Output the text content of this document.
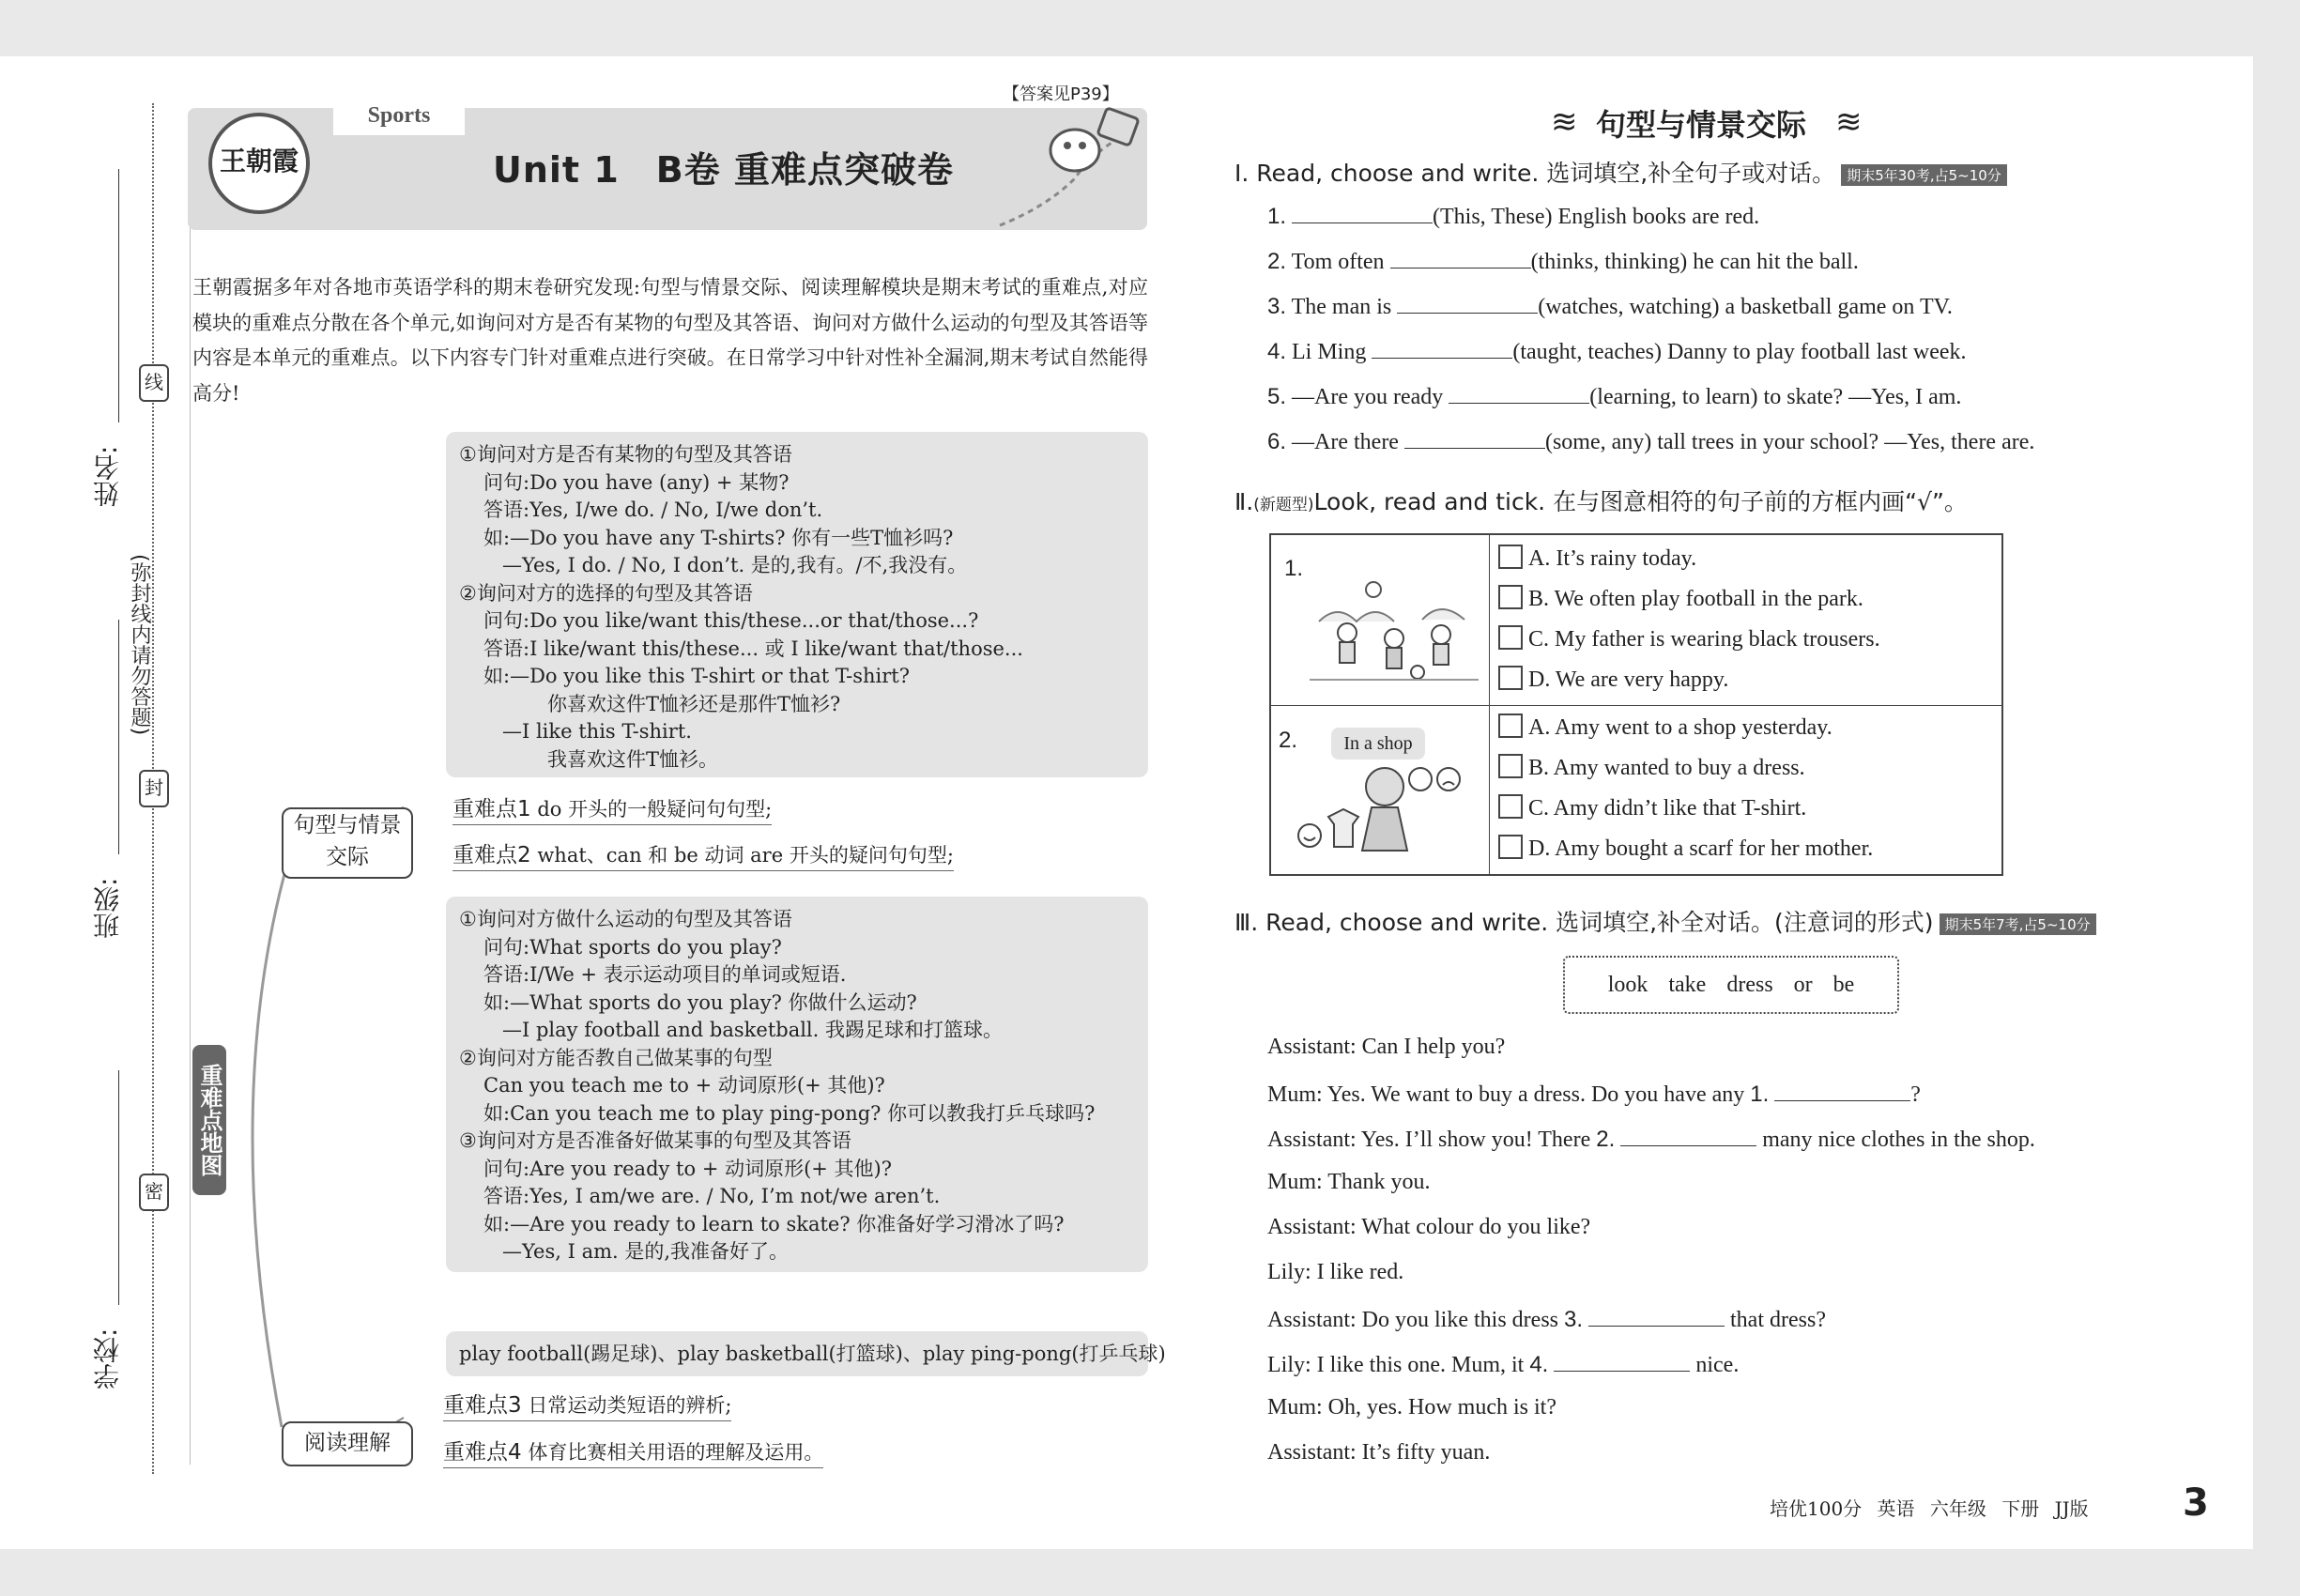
姓名:
班级:
学校:
线
封
密
(弥封线内请勿答题)
【答案见P39】
Sports
王朝霞	Unit 1　B卷 重难点突破卷
王朝霞据多年对各地市英语学科的期末卷研究发现:句型与情景交际、阅读理解模块是期末考试的重难点,对应模块的重难点分散在各个单元,如询问对方是否有某物的句型及其答语、询问对方做什么运动的句型及其答语等内容是本单元的重难点。以下内容专门针对重难点进行突破。在日常学习中针对性补全漏洞,期末考试自然能得高分!
重难点地图
①询问对方是否有某物的句型及其答语
问句:Do you have (any) + 某物?
答语:Yes, I/we do. / No, I/we don’t.
如:—Do you have any T-shirts? 你有一些T恤衫吗?
—Yes, I do. / No, I don’t. 是的,我有。/不,我没有。
②询问对方的选择的句型及其答语
问句:Do you like/want this/these...or that/those...?
答语:I like/want this/these... 或 I like/want that/those...
如:—Do you like this T-shirt or that T-shirt?
你喜欢这件T恤衫还是那件T恤衫?
—I like this T-shirt.
我喜欢这件T恤衫。
句型与情景交际
重难点1 do 开头的一般疑问句句型;
重难点2 what、can 和 be 动词 are 开头的疑问句句型;
①询问对方做什么运动的句型及其答语
问句:What sports do you play?
答语:I/We + 表示运动项目的单词或短语.
如:—What sports do you play? 你做什么运动?
—I play football and basketball. 我踢足球和打篮球。
②询问对方能否教自己做某事的句型
Can you teach me to + 动词原形(+ 其他)?
如:Can you teach me to play ping-pong? 你可以教我打乒乓球吗?
③询问对方是否准备好做某事的句型及其答语
问句:Are you ready to + 动词原形(+ 其他)?
答语:Yes, I am/we are. / No, I’m not/we aren’t.
如:—Are you ready to learn to skate? 你准备好学习滑冰了吗?
—Yes, I am. 是的,我准备好了。
play football(踢足球)、play basketball(打篮球)、play ping-pong(打乒乓球)
阅读理解
重难点3 日常运动类短语的辨析;
重难点4 体育比赛相关用语的理解及运用。
≋ 句型与情景交际 ≋
Ⅰ. Read, choose and write. 选词填空,补全句子或对话。 期末5年30考,占5~10分
1.	(This, These) English books are red.
2. Tom often	(thinks, thinking) he can hit the ball.
3. The man is	(watches, watching) a basketball game on TV.
4. Li Ming	(taught, teaches) Danny to play football last week.
5. —Are you ready	(learning, to learn) to skate? —Yes, I am.
6. —Are there	(some, any) tall trees in your school? —Yes, there are.
Ⅱ.(新题型)Look, read and tick. 在与图意相符的句子前的方框内画“√”。
1.	A. It’s rainy today.
B. We often play football in the park.
C. My father is wearing black trousers.
D. We are very happy.
2.	In a shop
A. Amy went to a shop yesterday.
B. Amy wanted to buy a dress.
C. Amy didn’t like that T-shirt.
D. Amy bought a scarf for her mother.
Ⅲ. Read, choose and write. 选词填空,补全对话。(注意词的形式) 期末5年7考,占5~10分
look take dress or be
Assistant: Can I help you?
Mum: Yes. We want to buy a dress. Do you have any 1.	?
Assistant: Yes. I’ll show you! There 2.	many nice clothes in the shop.
Mum: Thank you.
Assistant: What colour do you like?
Lily: I like red.
Assistant: Do you like this dress 3.	that dress?
Lily: I like this one. Mum, it 4.	nice.
Mum: Oh, yes. How much is it?
Assistant: It’s fifty yuan.
培优100分 英语 六年级 下册 JJ版	3
